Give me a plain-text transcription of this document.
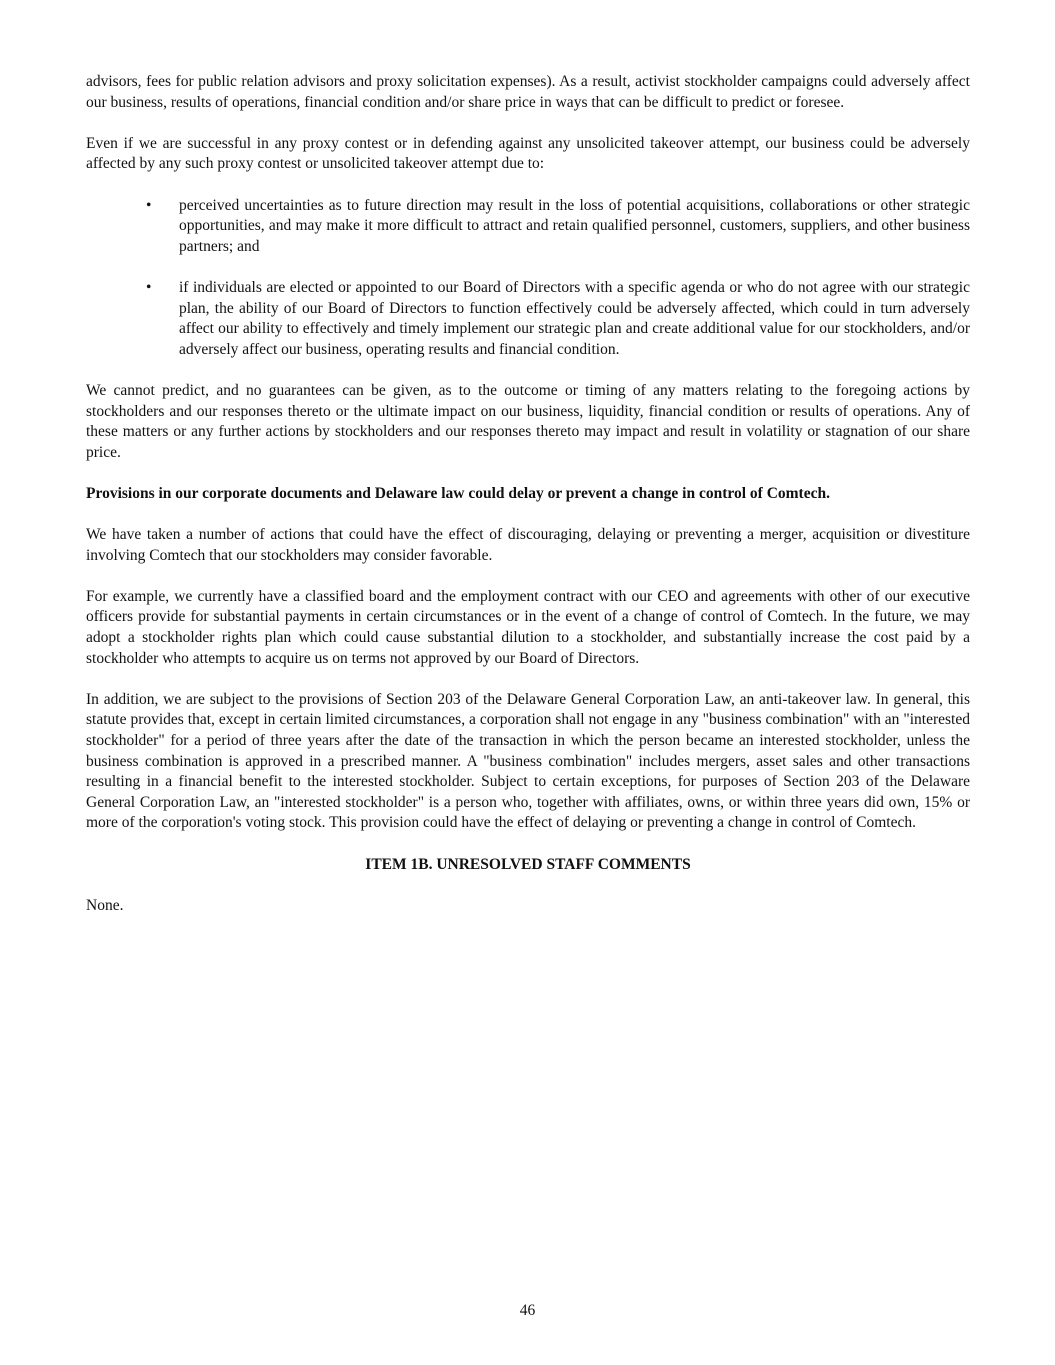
advisors, fees for public relation advisors and proxy solicitation expenses). As a result, activist stockholder campaigns could adversely affect our business, results of operations, financial condition and/or share price in ways that can be difficult to predict or foresee.

Even if we are successful in any proxy contest or in defending against any unsolicited takeover attempt, our business could be adversely affected by any such proxy contest or unsolicited takeover attempt due to:

• perceived uncertainties as to future direction may result in the loss of potential acquisitions, collaborations or other strategic opportunities, and may make it more difficult to attract and retain qualified personnel, customers, suppliers, and other business partners; and
• if individuals are elected or appointed to our Board of Directors with a specific agenda or who do not agree with our strategic plan, the ability of our Board of Directors to function effectively could be adversely affected, which could in turn adversely affect our ability to effectively and timely implement our strategic plan and create additional value for our stockholders, and/or adversely affect our business, operating results and financial condition.

We cannot predict, and no guarantees can be given, as to the outcome or timing of any matters relating to the foregoing actions by stockholders and our responses thereto or the ultimate impact on our business, liquidity, financial condition or results of operations. Any of these matters or any further actions by stockholders and our responses thereto may impact and result in volatility or stagnation of our share price.

Provisions in our corporate documents and Delaware law could delay or prevent a change in control of Comtech.

We have taken a number of actions that could have the effect of discouraging, delaying or preventing a merger, acquisition or divestiture involving Comtech that our stockholders may consider favorable.

For example, we currently have a classified board and the employment contract with our CEO and agreements with other of our executive officers provide for substantial payments in certain circumstances or in the event of a change of control of Comtech. In the future, we may adopt a stockholder rights plan which could cause substantial dilution to a stockholder, and substantially increase the cost paid by a stockholder who attempts to acquire us on terms not approved by our Board of Directors.

In addition, we are subject to the provisions of Section 203 of the Delaware General Corporation Law, an anti-takeover law. In general, this statute provides that, except in certain limited circumstances, a corporation shall not engage in any "business combination" with an "interested stockholder" for a period of three years after the date of the transaction in which the person became an interested stockholder, unless the business combination is approved in a prescribed manner. A "business combination" includes mergers, asset sales and other transactions resulting in a financial benefit to the interested stockholder. Subject to certain exceptions, for purposes of Section 203 of the Delaware General Corporation Law, an "interested stockholder" is a person who, together with affiliates, owns, or within three years did own, 15% or more of the corporation's voting stock. This provision could have the effect of delaying or preventing a change in control of Comtech.

ITEM 1B. UNRESOLVED STAFF COMMENTS

None.

46
